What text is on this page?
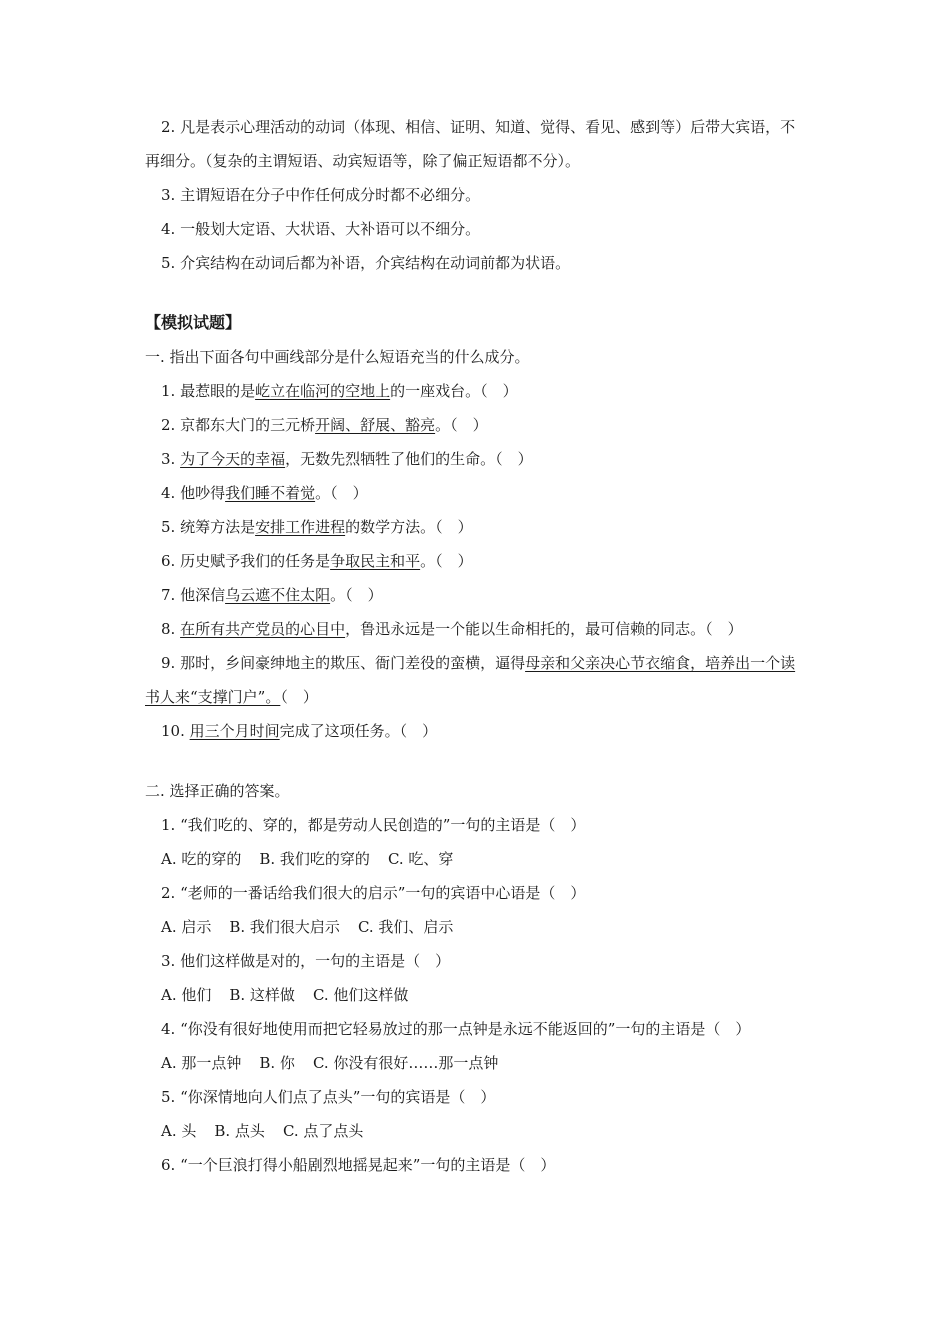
2. 凡是表示心理活动的动词（体现、相信、证明、知道、觉得、看见、感到等）后带大宾语，不再细分。（复杂的主谓短语、动宾短语等，除了偏正短语都不分）。
3. 主谓短语在分子中作任何成分时都不必细分。
4. 一般划大定语、大状语、大补语可以不细分。
5. 介宾结构在动词后都为补语，介宾结构在动词前都为状语。
【模拟试题】
一. 指出下面各句中画线部分是什么短语充当的什么成分。
1. 最惹眼的是屹立在临河的空地上的一座戏台。（　）
2. 京都东大门的三元桥开阔、舒展、豁亮。（　）
3. 为了今天的幸福，无数先烈牺牲了他们的生命。（　）
4. 他吵得我们睡不着觉。（　）
5. 统筹方法是安排工作进程的数学方法。（　）
6. 历史赋予我们的任务是争取民主和平。（　）
7. 他深信乌云遮不住太阳。（　）
8. 在所有共产党员的心目中，鲁迅永远是一个能以生命相托的，最可信赖的同志。（　）
9. 那时，乡间豪绅地主的欺压、衙门差役的蛮横，逼得母亲和父亲决心节衣缩食，培养出一个读书人来“支撑门户”。（　）
10. 用三个月时间完成了这项任务。（　）
二. 选择正确的答案。
1. “我们吃的、穿的，都是劳动人民创造的”一句的主语是（　）
A. 吃的穿的 B. 我们吃的穿的 C. 吃、穿
2. “老师的一番话给我们很大的启示”一句的宾语中心语是（　）
A. 启示 B. 我们很大启示 C. 我们、启示
3. 他们这样做是对的，一句的主语是（　）
A. 他们 B. 这样做 C. 他们这样做
4. “你没有很好地使用而把它轻易放过的那一点钟是永远不能返回的”一句的主语是（　）
A. 那一点钟 B. 你 C. 你没有很好……那一点钟
5. “你深情地向人们点了点头”一句的宾语是（　）
A. 头 B. 点头 C. 点了点头
6. “一个巨浪打得小船剧烈地摇晃起来”一句的主语是（　）
